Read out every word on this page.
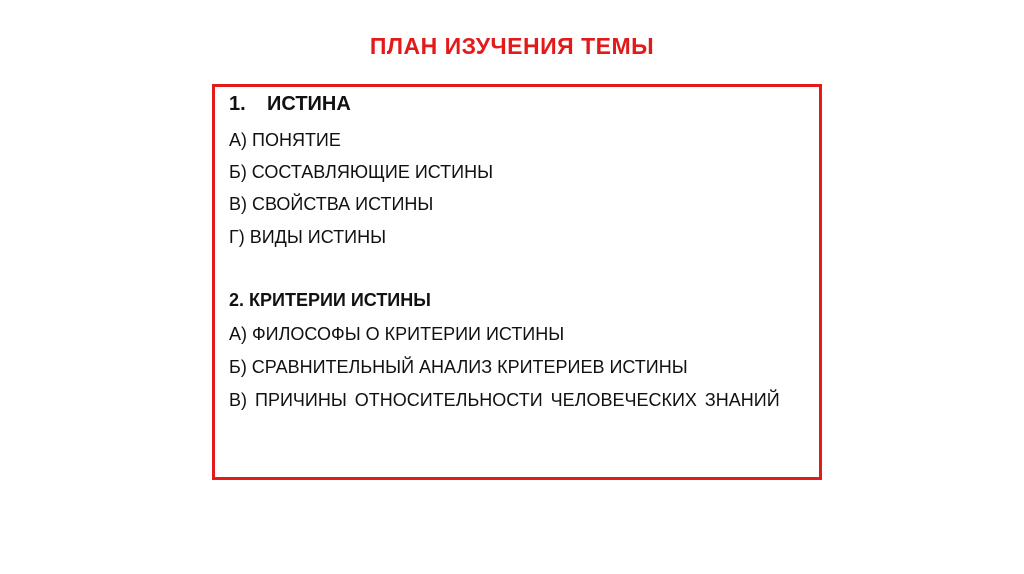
ПЛАН ИЗУЧЕНИЯ ТЕМЫ
1. ИСТИНА
А) ПОНЯТИЕ
Б) СОСТАВЛЯЮЩИЕ ИСТИНЫ
В) СВОЙСТВА ИСТИНЫ
Г) ВИДЫ ИСТИНЫ
2. КРИТЕРИИ ИСТИНЫ
А) ФИЛОСОФЫ О КРИТЕРИИ ИСТИНЫ
Б) СРАВНИТЕЛЬНЫЙ АНАЛИЗ КРИТЕРИЕВ ИСТИНЫ
В) ПРИЧИНЫ ОТНОСИТЕЛЬНОСТИ ЧЕЛОВЕЧЕСКИХ ЗНАНИЙ
